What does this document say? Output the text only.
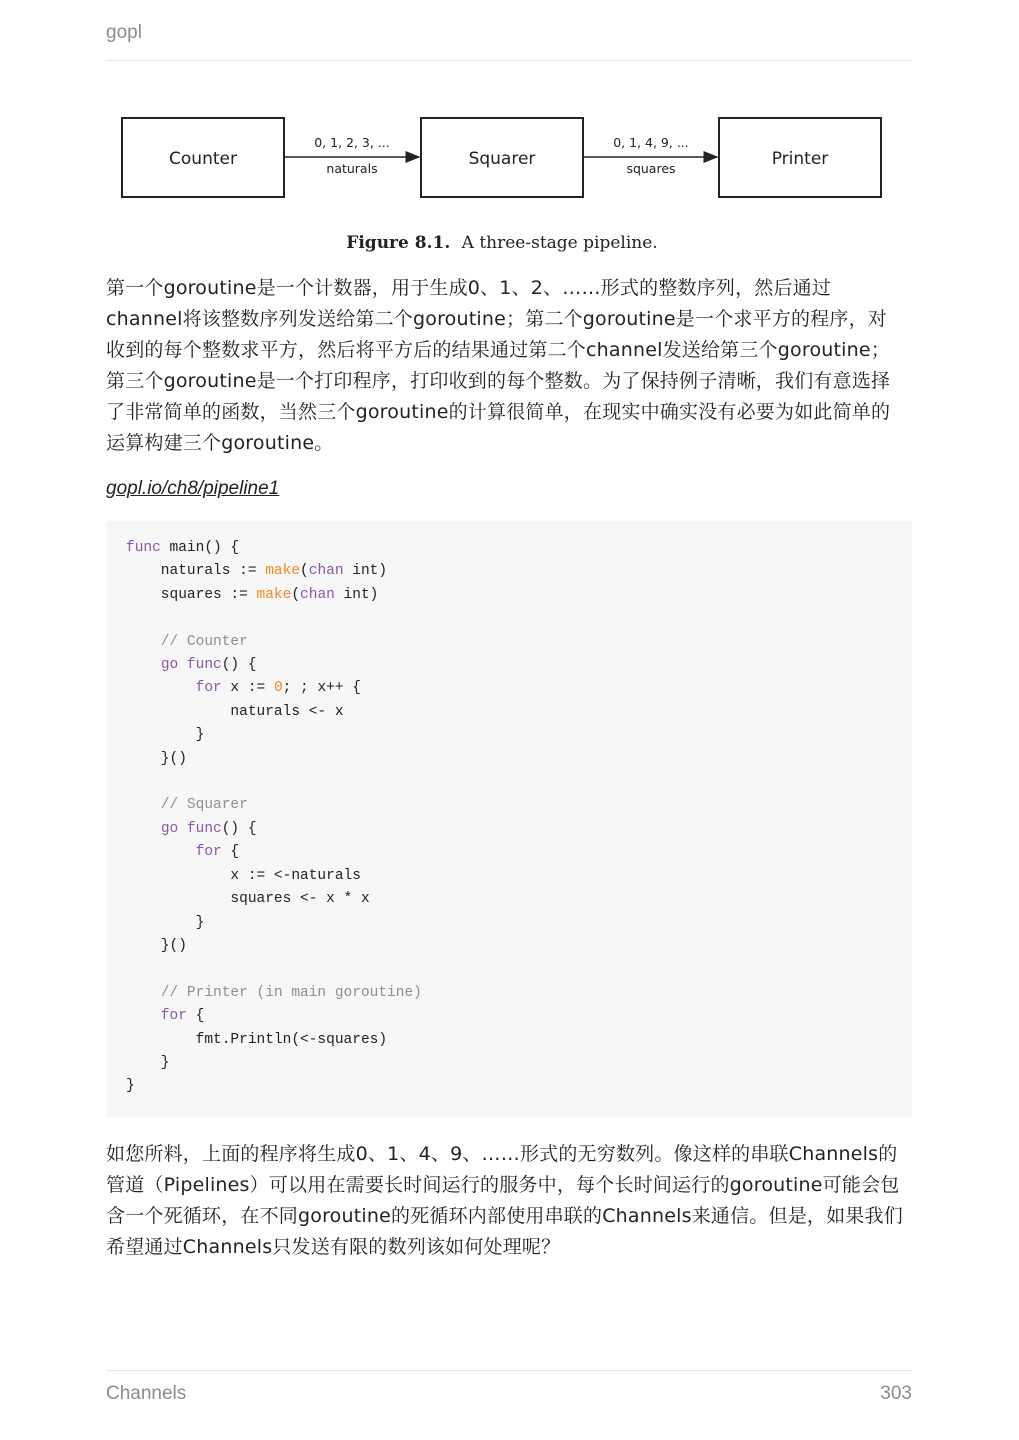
gopl
Counter	Squarer	Printer
0, 1, 2, 3, ...
naturals
0, 1, 4, 9, ...
squares
Figure 8.1. A three-stage pipeline.

第一个goroutine是一个计数器，用于生成0、1、2、……形式的整数序列，然后通过channel将该整数序列发送给第二个goroutine；第二个goroutine是一个求平方的程序，对收到的每个整数求平方，然后将平方后的结果通过第二个channel发送给第三个goroutine；第三个goroutine是一个打印程序，打印收到的每个整数。为了保持例子清晰，我们有意选择了非常简单的函数，当然三个goroutine的计算很简单，在现实中确实没有必要为如此简单的运算构建三个goroutine。

gopl.io/ch8/pipeline1
func main() {
naturals := make(chan int)
squares := make(chan int)

// Counter
go func() {
for x := 0; ; x++ {
naturals <- x
}
}()

// Squarer
go func() {
for {
x := <-naturals
squares <- x * x
}
}()

// Printer (in main goroutine)
for {
fmt.Println(<-squares)
}
}

如您所料，上面的程序将生成0、1、4、9、……形式的无穷数列。像这样的串联Channels的管道（Pipelines）可以用在需要长时间运行的服务中，每个长时间运行的goroutine可能会包含一个死循环，在不同goroutine的死循环内部使用串联的Channels来通信。但是，如果我们希望通过Channels只发送有限的数列该如何处理呢？

Channels	303
